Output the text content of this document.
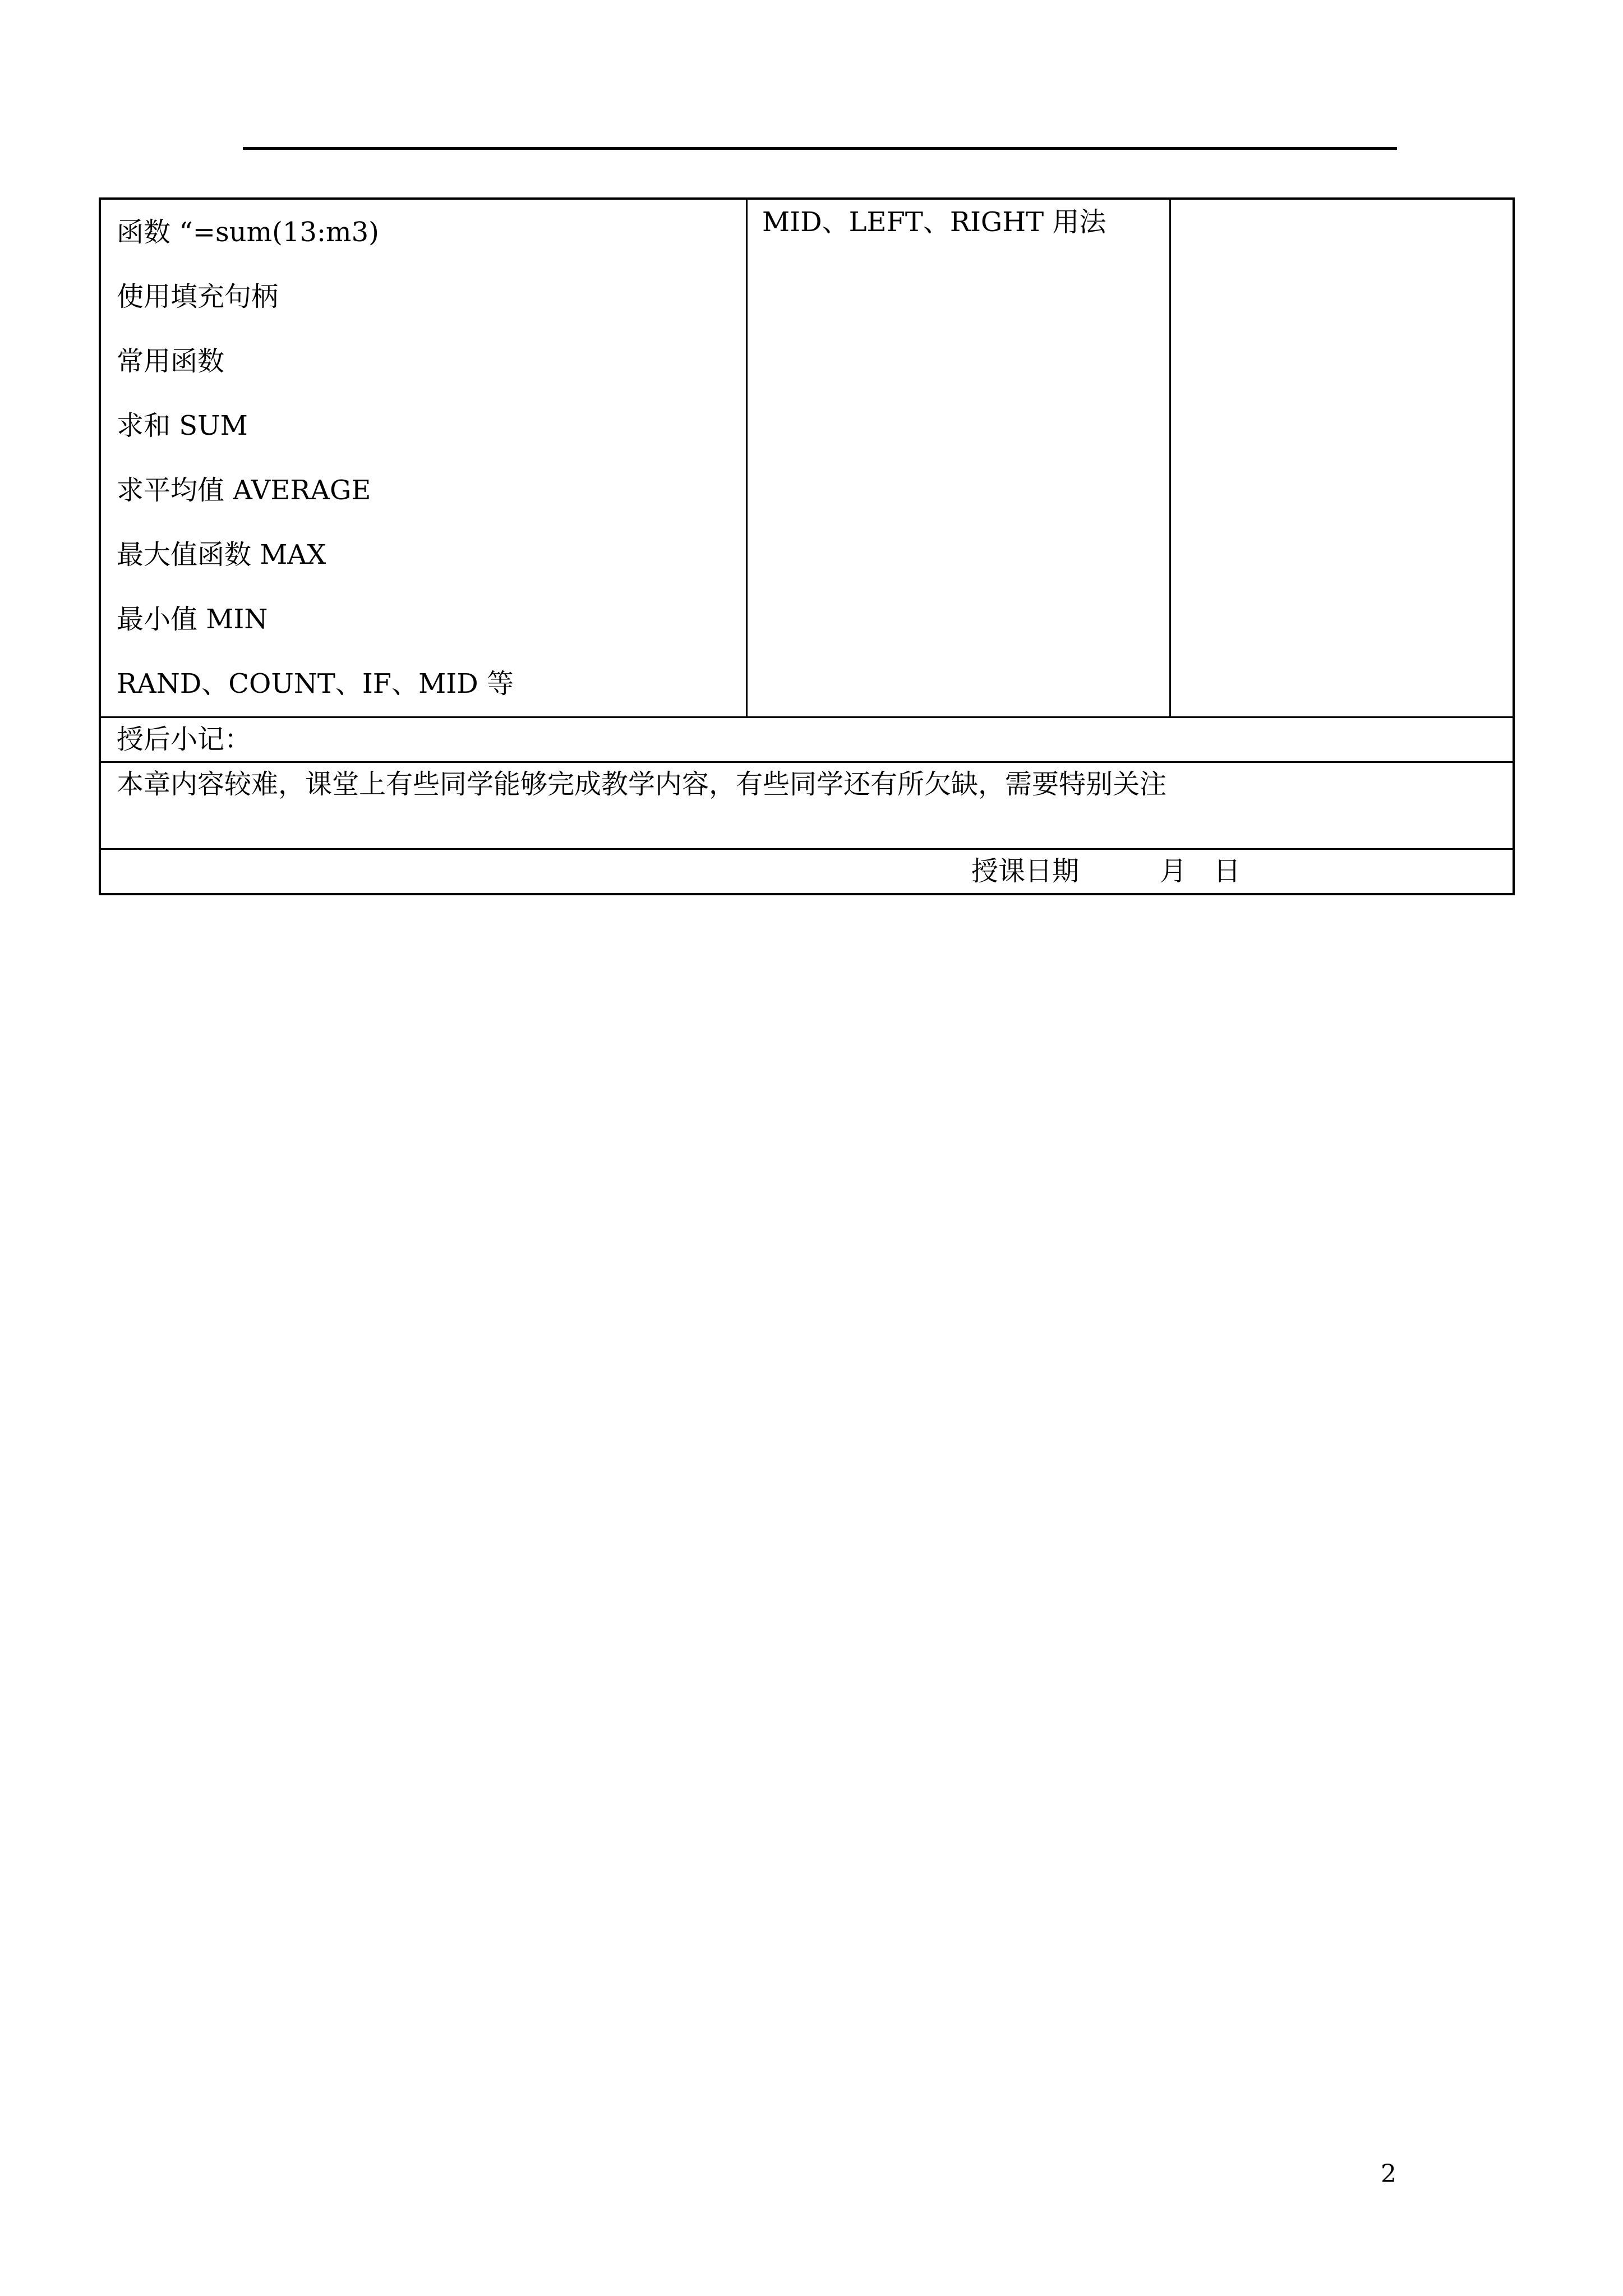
函数 “=sum(13:m3)
使用填充句柄
常用函数
求和 SUM
求平均值 AVERAGE
最大值函数 MAX
最小值 MIN
RAND、COUNT、IF、MID 等
MID、LEFT、RIGHT 用法
授后小记：
本章内容较难，课堂上有些同学能够完成教学内容，有些同学还有所欠缺，需要特别关注
授课日期　　　月　日
2
